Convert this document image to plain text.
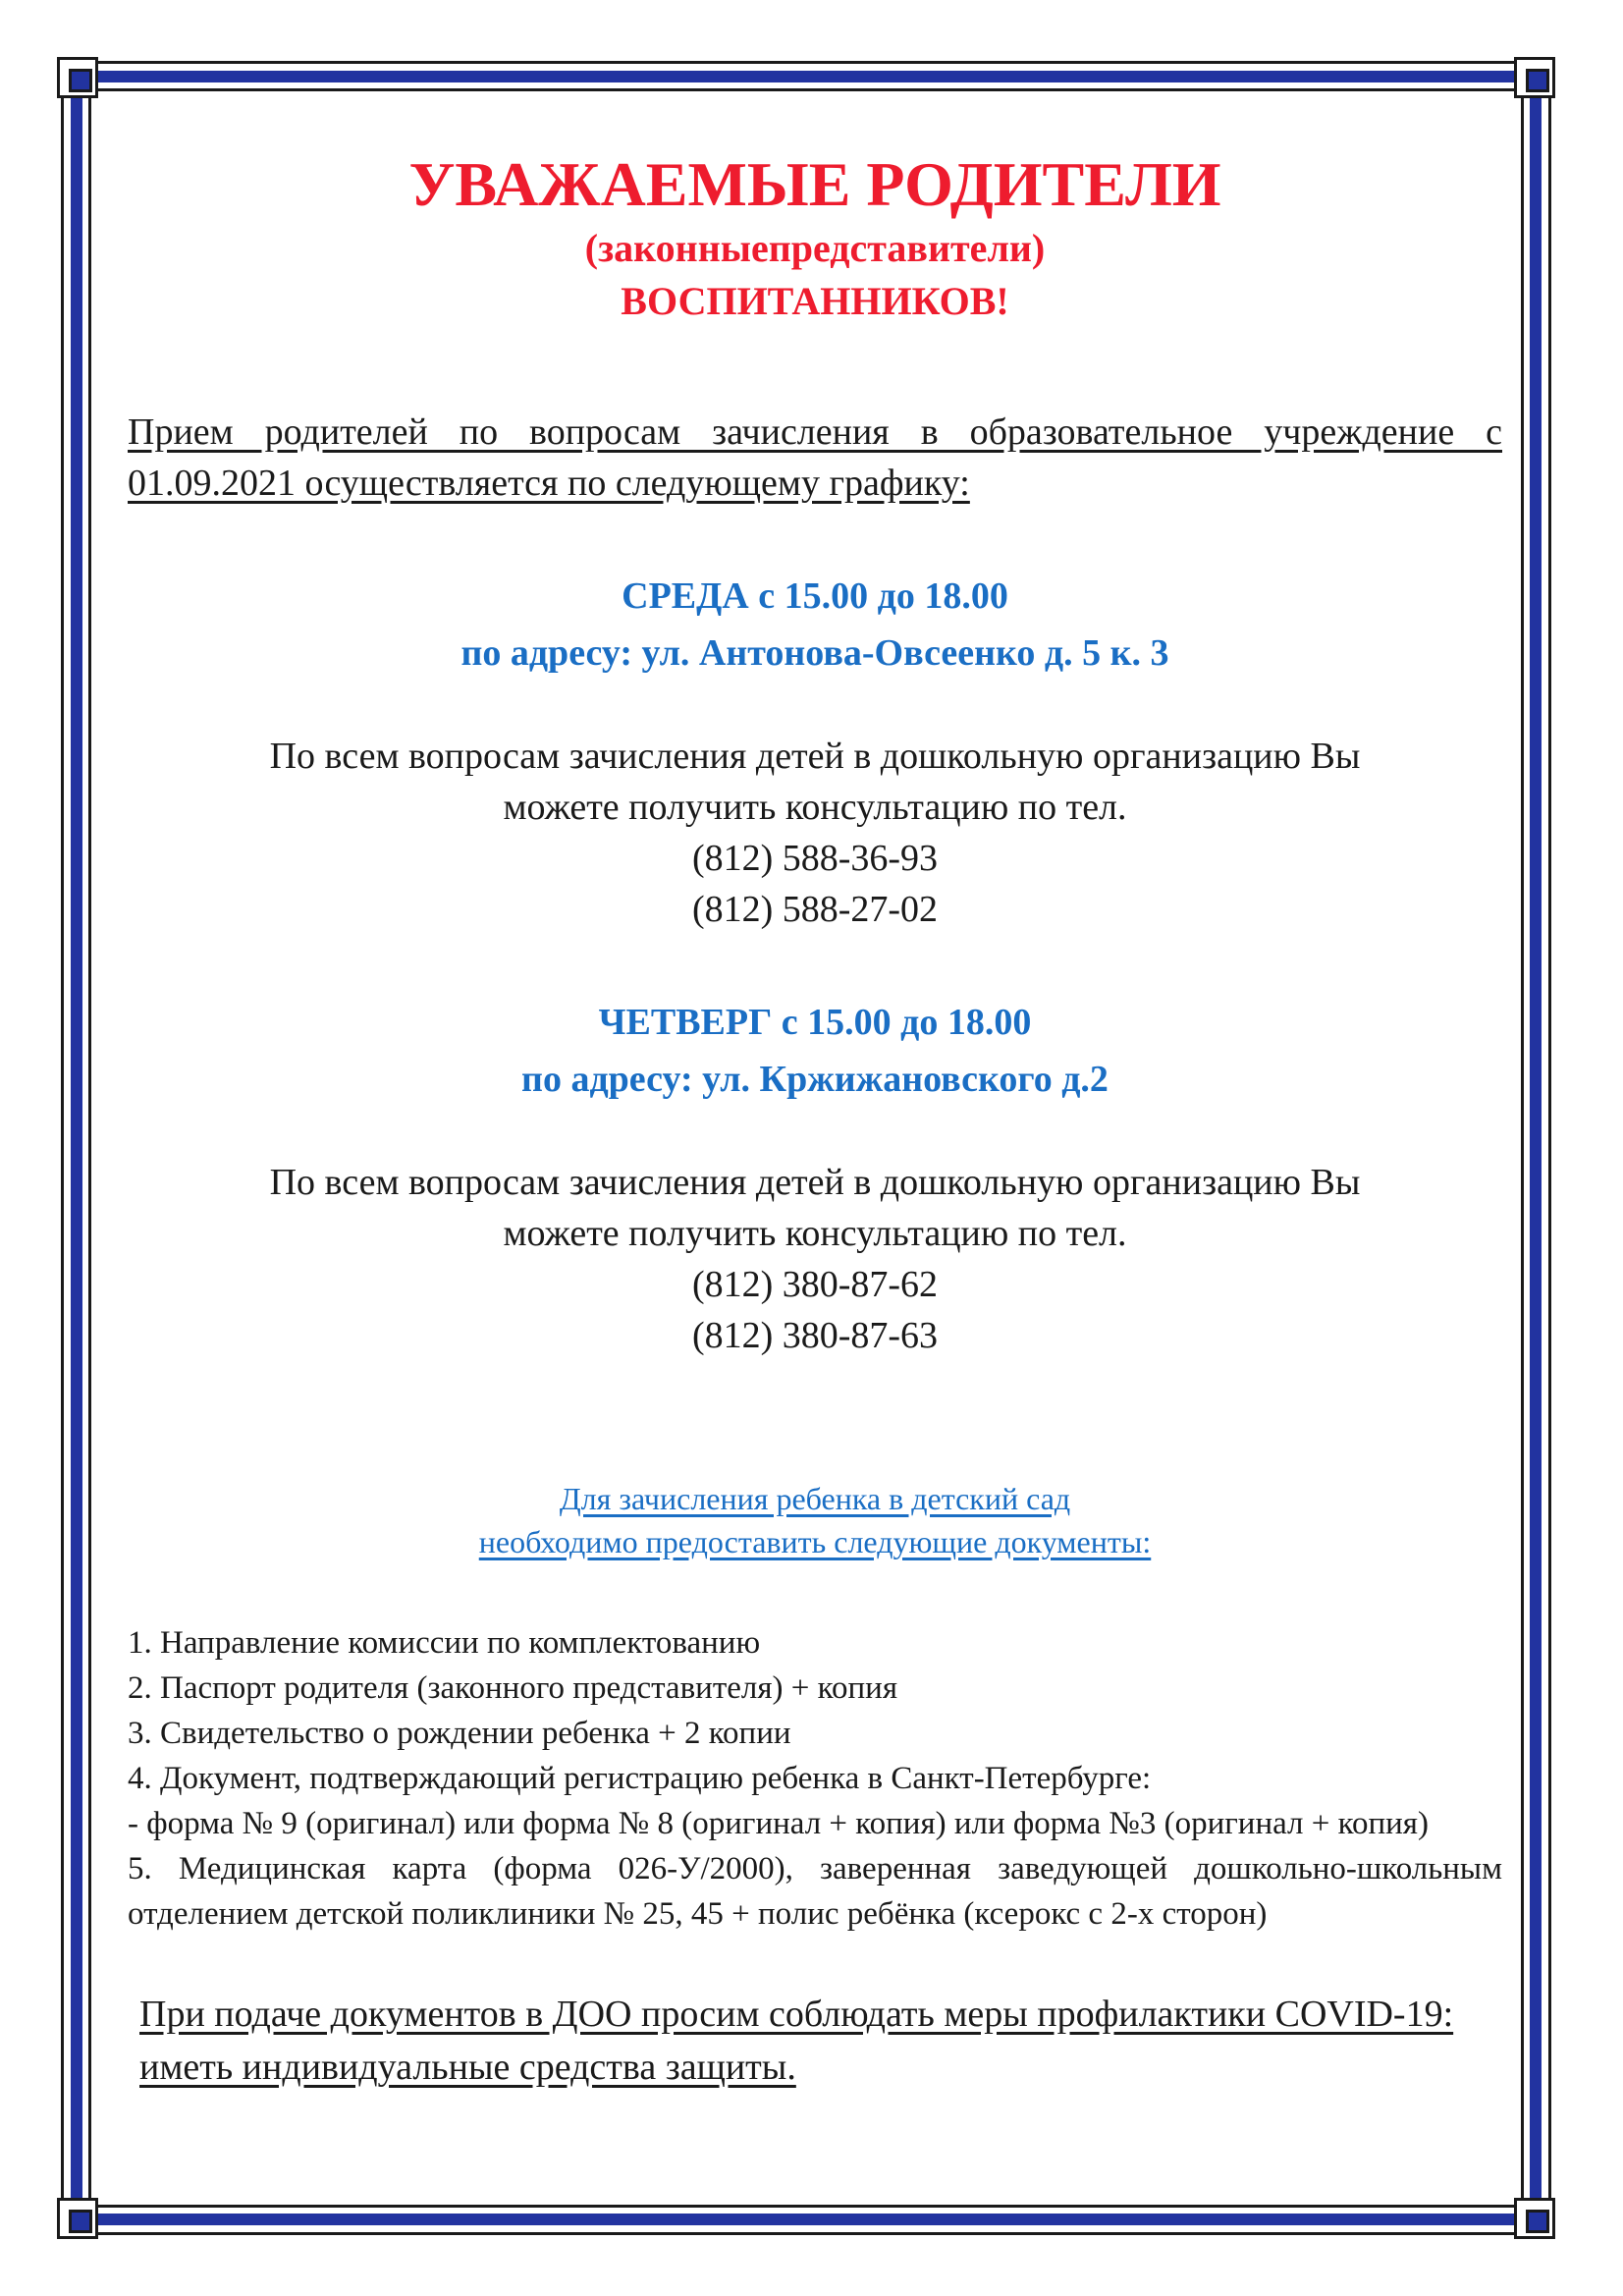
УВАЖАЕМЫЕ РОДИТЕЛИ
(законныепредставители)
ВОСПИТАННИКОВ!
Прием родителей по вопросам зачисления в образовательное учреждение с 01.09.2021 осуществляется по следующему графику:
СРЕДА с 15.00 до 18.00
по адресу: ул. Антонова-Овсеенко д. 5 к. 3
По всем вопросам зачисления детей в дошкольную организацию Вы
можете получить консультацию по тел.
(812) 588-36-93
(812) 588-27-02
ЧЕТВЕРГ с 15.00 до 18.00
по адресу: ул. Кржижановского д.2
По всем вопросам зачисления детей в дошкольную организацию Вы
можете получить консультацию по тел.
(812) 380-87-62
(812) 380-87-63
Для зачисления ребенка в детский сад
необходимо предоставить следующие документы:
1. Направление комиссии по комплектованию
2. Паспорт родителя (законного представителя) + копия
3. Свидетельство о рождении ребенка + 2 копии
4. Документ, подтверждающий регистрацию ребенка в Санкт-Петербурге:
- форма № 9 (оригинал) или форма № 8 (оригинал + копия) или форма №3 (оригинал + копия)
5. Медицинская карта (форма 026-У/2000), заверенная заведующей дошкольно-школьным отделением детской поликлиники № 25, 45 + полис ребёнка (ксерокс с 2-х сторон)
При подаче документов в ДОО просим соблюдать меры профилактики COVID-19: иметь индивидуальные средства защиты.
